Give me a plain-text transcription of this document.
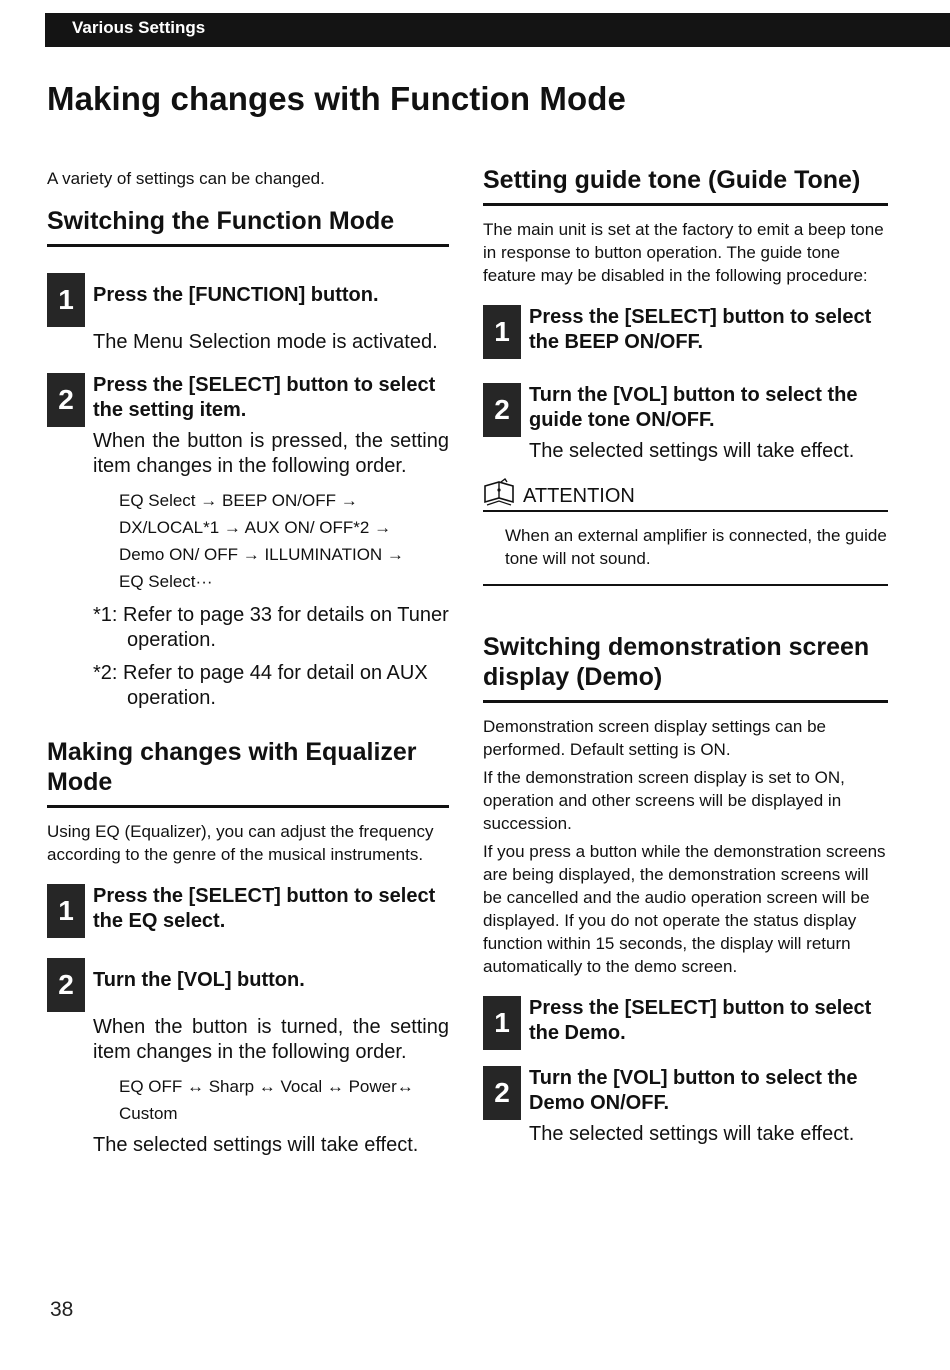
Various Settings
Making changes with Function Mode
A variety of settings can be changed.
Switching the Function Mode
1 Press the [FUNCTION] button.
The Menu Selection mode is activated.
2 Press the [SELECT] button to select the setting item.
When the button is pressed, the setting item changes in the following order.
EQ Select → BEEP ON/OFF →
DX/LOCAL*1 → AUX ON/ OFF*2 →
Demo ON/ OFF → ILLUMINATION →
EQ Select···
*1: Refer to page 33 for details on Tuner operation.
*2: Refer to page 44 for detail on AUX operation.
Making changes with Equalizer Mode

Using EQ (Equalizer), you can adjust the frequency according to the genre of the musical instruments.

1 Press the [SELECT] button to select the EQ select.
2 Turn the [VOL] button.
When the button is turned, the setting item changes in the following order.
EQ OFF ↔ Sharp ↔ Vocal ↔ Power↔
Custom
The selected settings will take effect.
Setting guide tone (Guide Tone)

The main unit is set at the factory to emit a beep tone in response to button operation. The guide tone feature may be disabled in the following procedure:

1 Press the [SELECT] button to select the BEEP ON/OFF.
2 Turn the [VOL] button to select the guide tone ON/OFF.
The selected settings will take effect.
ATTENTION
When an external amplifier is connected, the guide tone will not sound.
Switching demonstration screen display (Demo)

Demonstration screen display settings can be performed. Default setting is ON.

If the demonstration screen display is set to ON, operation and other screens will be displayed in succession.

If you press a button while the demonstration screens are being displayed, the demonstration screens will be cancelled and the audio operation screen will be displayed. If you do not operate the status display function within 15 seconds, the display will return automatically to the demo screen.

1 Press the [SELECT] button to select the Demo.
2 Turn the [VOL] button to select the Demo ON/OFF.
The selected settings will take effect.
38
